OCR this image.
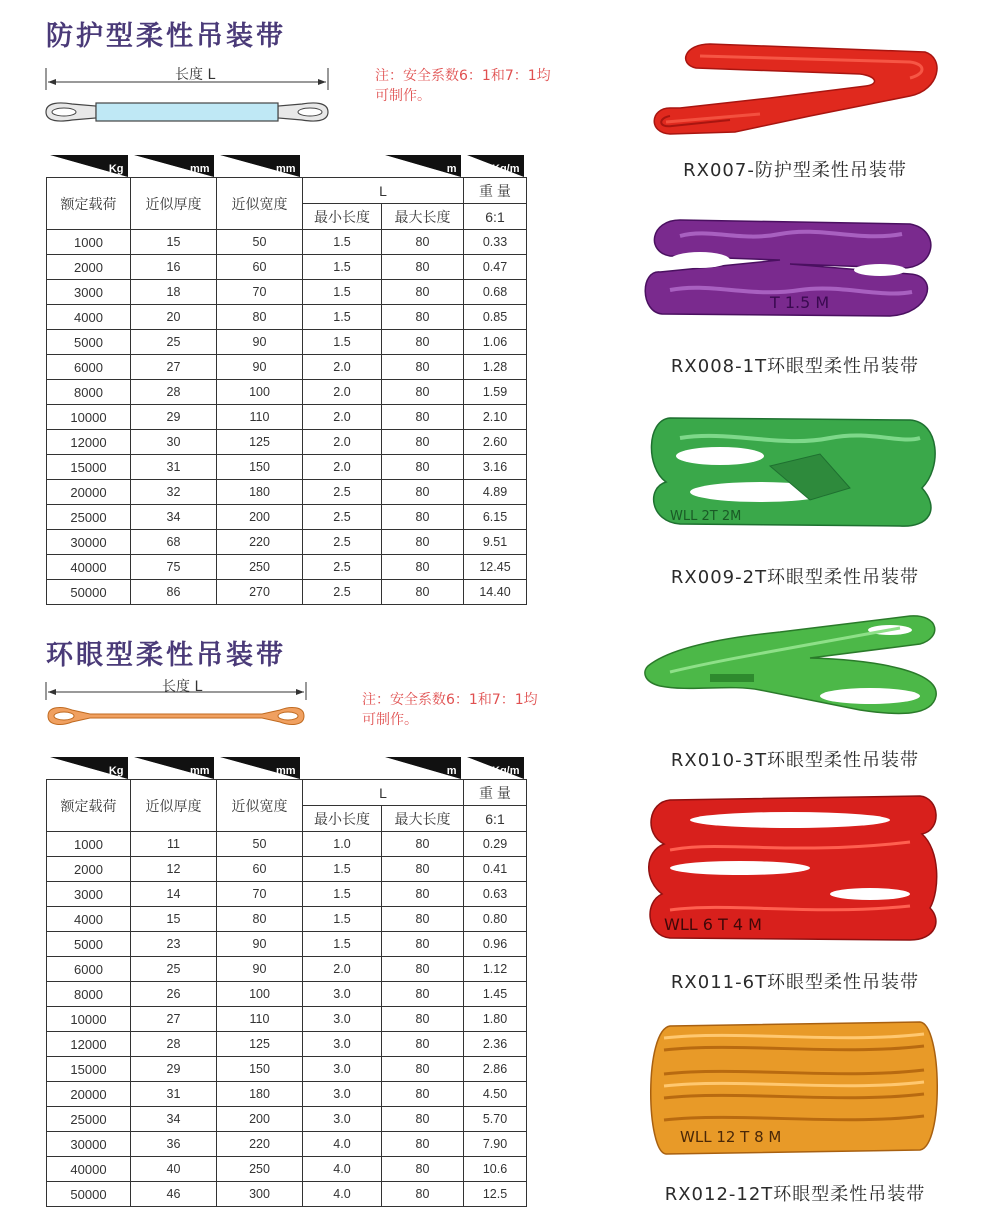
防护型柔性吊装带
长度 L	注：安全系数6：1和7：1均可制作。
Kg	mm	mm		m	Kg/m

额定载荷	近似厚度	近似宽度	L		重 量
			最小长度	最大长度	6:1
1000	15	50	1.5	80	0.33
2000	16	60	1.5	80	0.47
3000	18	70	1.5	80	0.68
4000	20	80	1.5	80	0.85
5000	25	90	1.5	80	1.06
6000	27	90	2.0	80	1.28
8000	28	100	2.0	80	1.59
10000	29	110	2.0	80	2.10
12000	30	125	2.0	80	2.60
15000	31	150	2.0	80	3.16
20000	32	180	2.5	80	4.89
25000	34	200	2.5	80	6.15
30000	68	220	2.5	80	9.51
40000	75	250	2.5	80	12.45
50000	86	270	2.5	80	14.40
环眼型柔性吊装带
长度 L
注：安全系数6：1和7：1均可制作。
Kg	mm	mm		m	Kg/m

额定载荷	近似厚度	近似宽度	L		重 量
			最小长度	最大长度	6:1
1000	11	50	1.0	80	0.29
2000	12	60	1.5	80	0.41
3000	14	70	1.5	80	0.63
4000	15	80	1.5	80	0.80
5000	23	90	1.5	80	0.96
6000	25	90	2.0	80	1.12
8000	26	100	3.0	80	1.45
10000	27	110	3.0	80	1.80
12000	28	125	3.0	80	2.36
15000	29	150	3.0	80	2.86
20000	31	180	3.0	80	4.50
25000	34	200	3.0	80	5.70
30000	36	220	4.0	80	7.90
40000	40	250	4.0	80	10.6
50000	46	300	4.0	80	12.5
RX007-防护型柔性吊装带
T 1.5 M
RX008-1T环眼型柔性吊装带
WLL 2T 2M
RX009-2T环眼型柔性吊装带
RX010-3T环眼型柔性吊装带
WLL 6 T 4 M
RX011-6T环眼型柔性吊装带
WLL 12 T 8 M
RX012-12T环眼型柔性吊装带
